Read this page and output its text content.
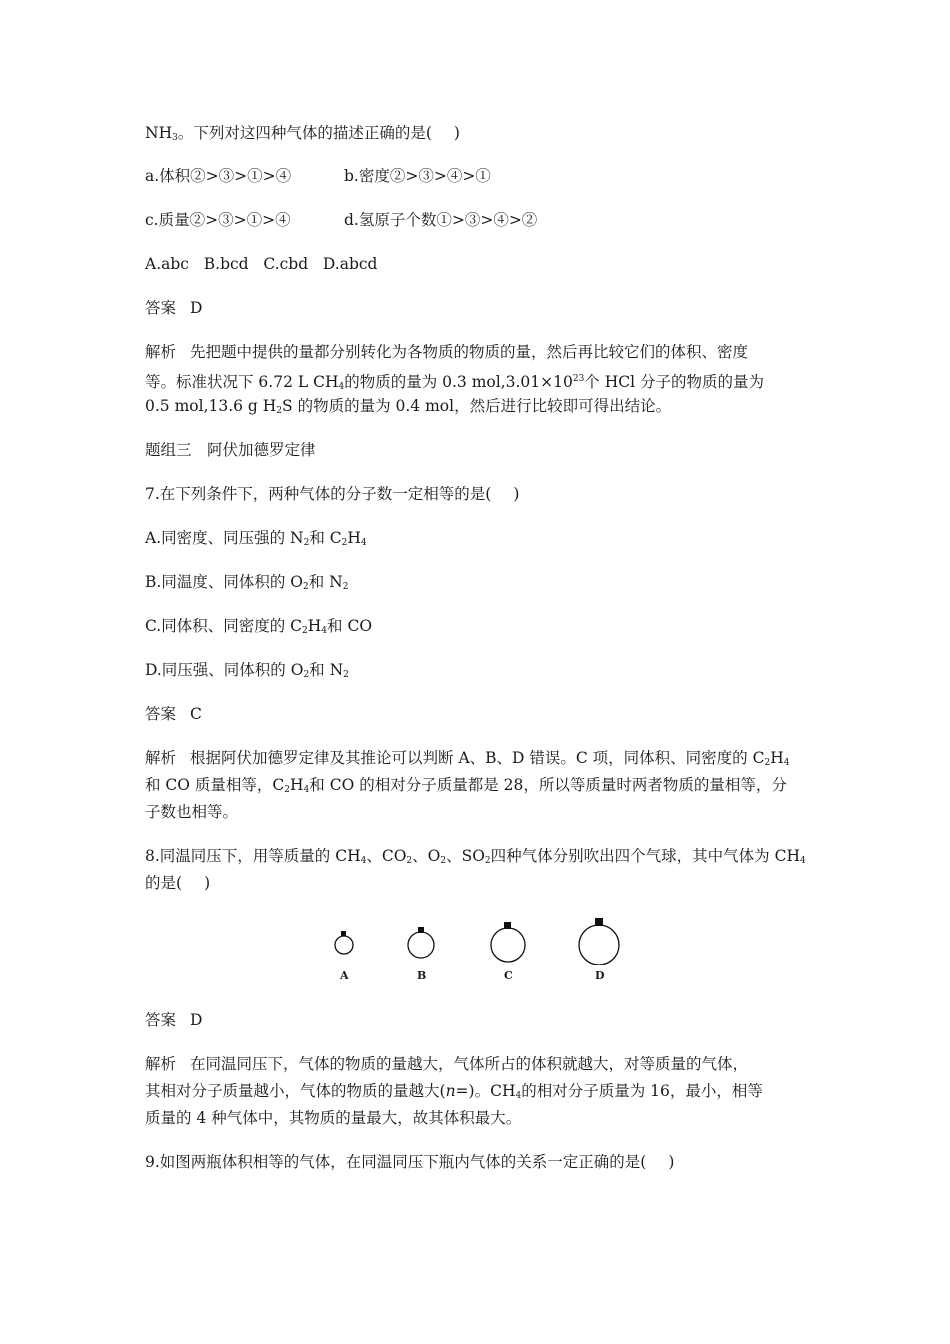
$NH_3$。下列对这四种气体的描述正确的是( )
a.体积②>③>①>④	b.密度②>③>④>①
c.质量②>③>①>④	d.氢原子个数①>③>④>②
A.abc   B.bcd   C.cbd   D.abcd
答案 D
解析 先把题中提供的量都分别转化为各物质的物质的量，然后再比较它们的体积、密度
等。标准状况下 6.72 L $CH_4$的物质的量为 0.3 $mol,3.01\times 10^{23}$个 HCl 分子的物质的量为
0.5 mol,13.6 g $H_2S$ 的物质的量为 0.4 mol，然后进行比较即可得出结论。
题组三　阿伏加德罗定律
7.在下列条件下，两种气体的分子数一定相等的是( )
A.同密度、同压强的 $N_2$和 $C_2H_4$
B.同温度、同体积的 $O_2$和 $N_2$
C.同体积、同密度的 $C_2H_4$和 CO
D.同压强、同体积的 $O_2$和 $N_2$
答案 C
解析 根据阿伏加德罗定律及其推论可以判断 A、B、D 错误。C 项，同体积、同密度的 $C_2H_4$
和 CO 质量相等，$C_2H_4$和 CO 的相对分子质量都是 28，所以等质量时两者物质的量相等，分
子数也相等。
8.同温同压下，用等质量的 $CH_4$、$CO_2$、$O_2$、$SO_2$四种气体分别吹出四个气球，其中气体为 $CH_4$
的是( )
A	B	C	D
答案 D
解析 在同温同压下，气体的物质的量越大，气体所占的体积就越大，对等质量的气体，
其相对分子质量越小，气体的物质的量越大(n=)。$CH_4$的相对分子质量为 16，最小，相等
质量的 4 种气体中，其物质的量最大，故其体积最大。
9.如图两瓶体积相等的气体，在同温同压下瓶内气体的关系一定正确的是( )
